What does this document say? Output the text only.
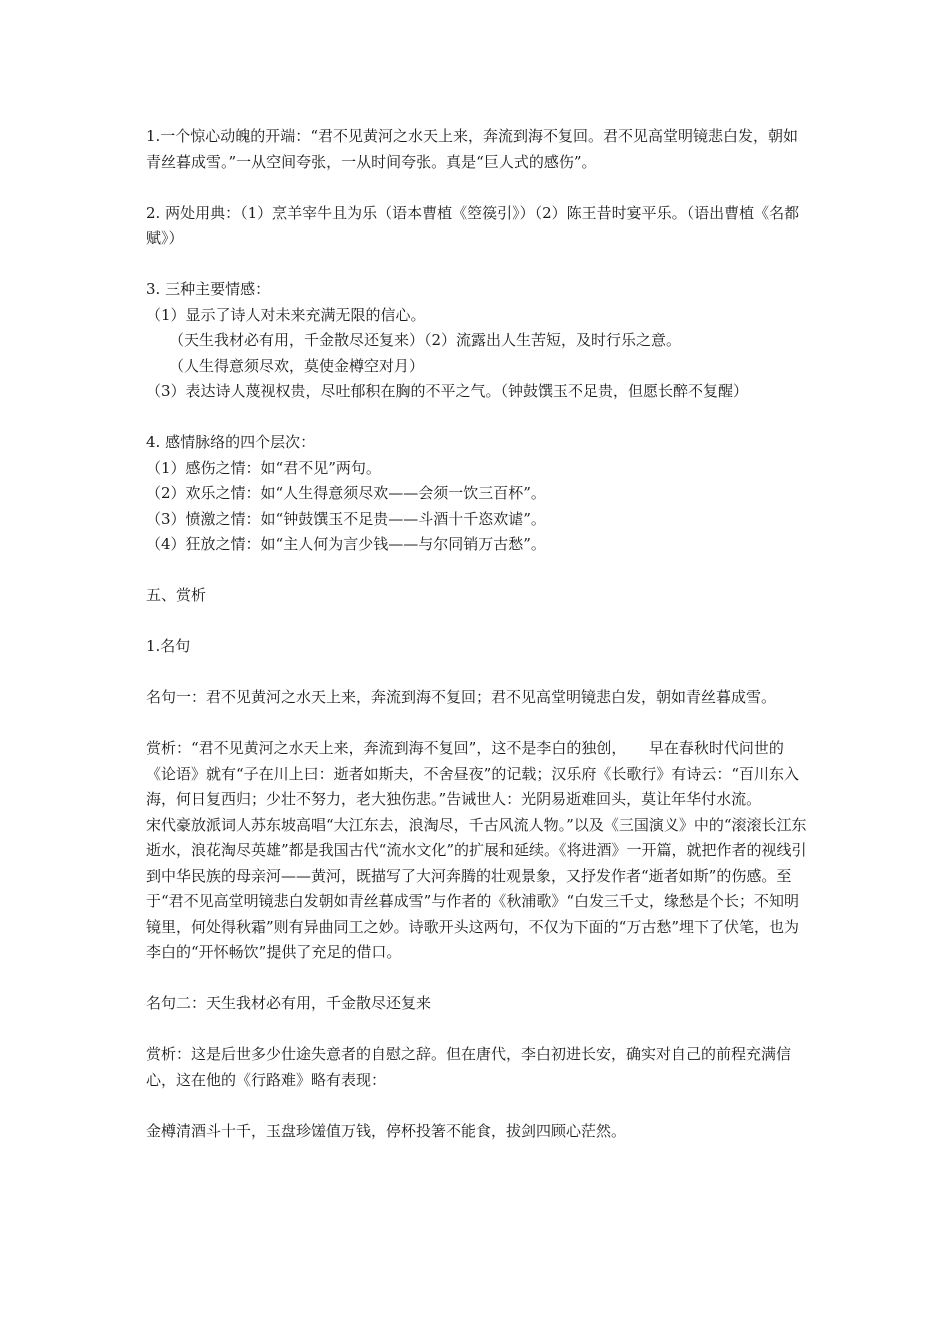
1.一个惊心动魄的开端：“君不见黄河之水天上来，奔流到海不复回。君不见高堂明镜悲白发，朝如青丝暮成雪。”一从空间夸张，一从时间夸张。真是“巨人式的感伤”。

2. 两处用典：（1）烹羊宰牛且为乐（语本曹植《箜篌引》）（2）陈王昔时宴平乐。（语出曹植《名都赋》）

3. 三种主要情感：

（1）显示了诗人对未来充满无限的信心。

（天生我材必有用，千金散尽还复来）（2）流露出人生苦短，及时行乐之意。

（人生得意须尽欢，莫使金樽空对月）

（3）表达诗人蔑视权贵，尽吐郁积在胸的不平之气。（钟鼓馔玉不足贵，但愿长醉不复醒）

4. 感情脉络的四个层次：

（1）感伤之情：如“君不见”两句。

（2）欢乐之情：如“人生得意须尽欢——会须一饮三百杯”。

（3）愤激之情：如“钟鼓馔玉不足贵——斗酒十千恣欢谑”。

（4）狂放之情：如“主人何为言少钱——与尔同销万古愁”。

五、赏析

1.名句

名句一：君不见黄河之水天上来，奔流到海不复回；君不见高堂明镜悲白发，朝如青丝暮成雪。

赏析：“君不见黄河之水天上来，奔流到海不复回”，这不是李白的独创，　　早在春秋时代问世的《论语》就有“子在川上曰：逝者如斯夫，不舍昼夜”的记载；汉乐府《长歌行》有诗云：“百川东入海，何日复西归；少壮不努力，老大独伤悲。”告诫世人：光阴易逝难回头，莫让年华付水流。　　　　宋代豪放派词人苏东坡高唱“大江东去，浪淘尽，千古风流人物。”以及《三国演义》中的“滚滚长江东逝水，浪花淘尽英雄”都是我国古代“流水文化”的扩展和延续。《将进酒》一开篇，就把作者的视线引到中华民族的母亲河——黄河，既描写了大河奔腾的壮观景象，又抒发作者“逝者如斯”的伤感。至于“君不见高堂明镜悲白发朝如青丝暮成雪”与作者的《秋浦歌》“白发三千丈，缘愁是个长；不知明镜里，何处得秋霜”则有异曲同工之妙。诗歌开头这两句，不仅为下面的“万古愁”埋下了伏笔，也为李白的“开怀畅饮”提供了充足的借口。

名句二：天生我材必有用，千金散尽还复来

赏析：这是后世多少仕途失意者的自慰之辞。但在唐代，李白初进长安，确实对自己的前程充满信心，这在他的《行路难》略有表现：

金樽清酒斗十千，玉盘珍馐值万钱，停杯投箸不能食，拔剑四顾心茫然。
